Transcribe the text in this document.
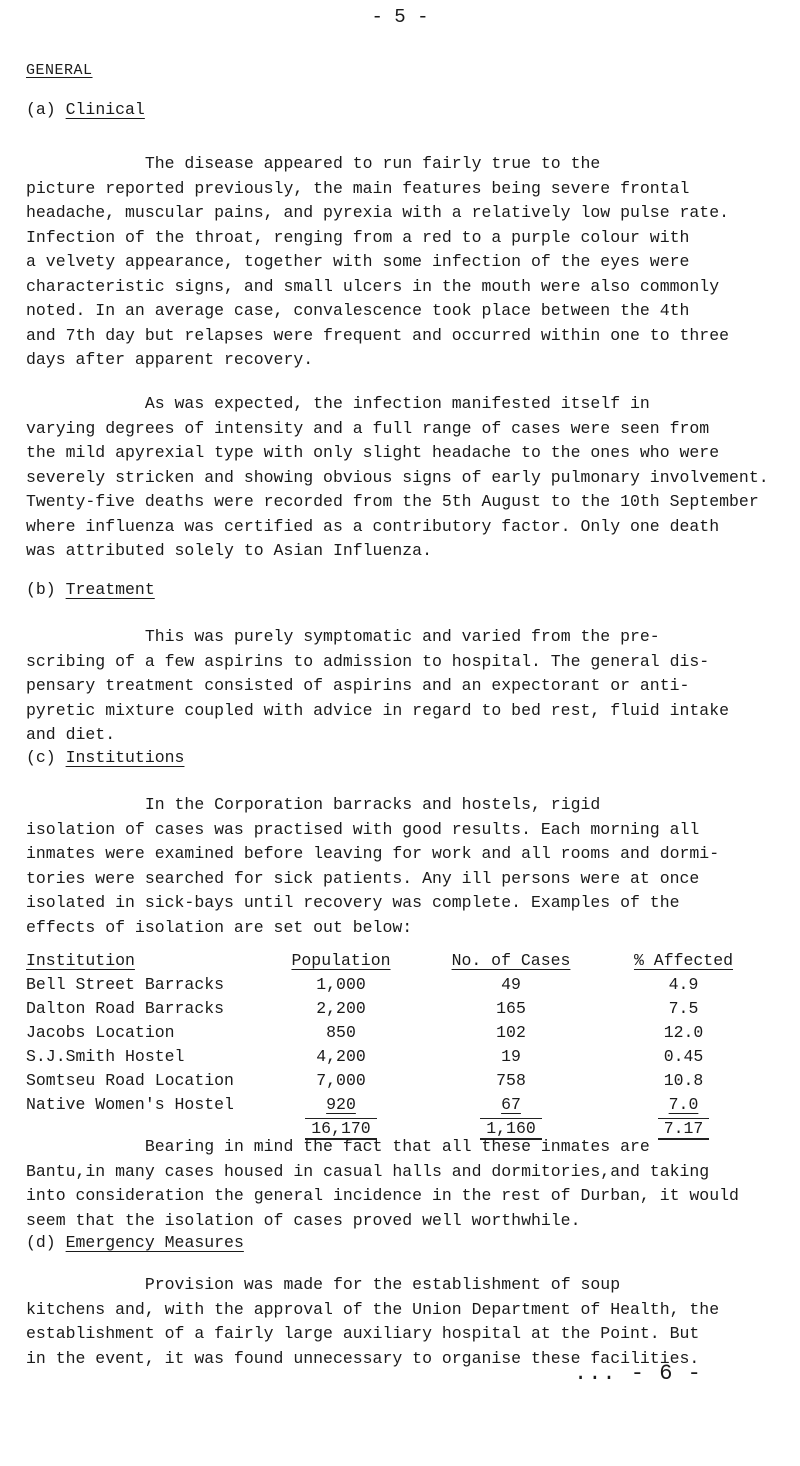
- 5 -
GENERAL
(a) Clinical

The disease appeared to run fairly true to the
picture reported previously, the main features being severe frontal
headache, muscular pains, and pyrexia with a relatively low pulse rate.
Infection of the throat, renging from a red to a purple colour with
a velvety appearance, together with some infection of the eyes were
characteristic signs, and small ulcers in the mouth were also commonly
noted. In an average case, convalescence took place between the 4th
and 7th day but relapses were frequent and occurred within one to three
days after apparent recovery.

As was expected, the infection manifested itself in
varying degrees of intensity and a full range of cases were seen from
the mild apyrexial type with only slight headache to the ones who were
severely stricken and showing obvious signs of early pulmonary involvement.
Twenty-five deaths were recorded from the 5th August to the 10th September
where influenza was certified as a contributory factor. Only one death
was attributed solely to Asian Influenza.

(b) Treatment

This was purely symptomatic and varied from the pre-
scribing of a few aspirins to admission to hospital. The general dis-
pensary treatment consisted of aspirins and an expectorant or anti-
pyretic mixture coupled with advice in regard to bed rest, fluid intake
and diet.

(c) Institutions

In the Corporation barracks and hostels, rigid
isolation of cases was practised with good results. Each morning all
inmates were examined before leaving for work and all rooms and dormi-
tories were searched for sick patients. Any ill persons were at once
isolated in sick-bays until recovery was complete. Examples of the
effects of isolation are set out below:

Institution	Population	No. of Cases	% Affected
Bell Street Barracks	1,000	49	4.9
Dalton Road Barracks	2,200	165	7.5
Jacobs Location	850	102	12.0
S.J.Smith Hostel	4,200	19	0.45
Somtseu Road Location	7,000	758	10.8
Native Women's Hostel	920	67	7.0
	16,170	1,160	7.17

Bearing in mind the fact that all these inmates are
Bantu,in many cases housed in casual halls and dormitories,and taking
into consideration the general incidence in the rest of Durban, it would
seem that the isolation of cases proved well worthwhile.

(d) Emergency Measures

Provision was made for the establishment of soup
kitchens and, with the approval of the Union Department of Health, the
establishment of a fairly large auxiliary hospital at the Point. But
in the event, it was found unnecessary to organise these facilities.

... - 6 -
